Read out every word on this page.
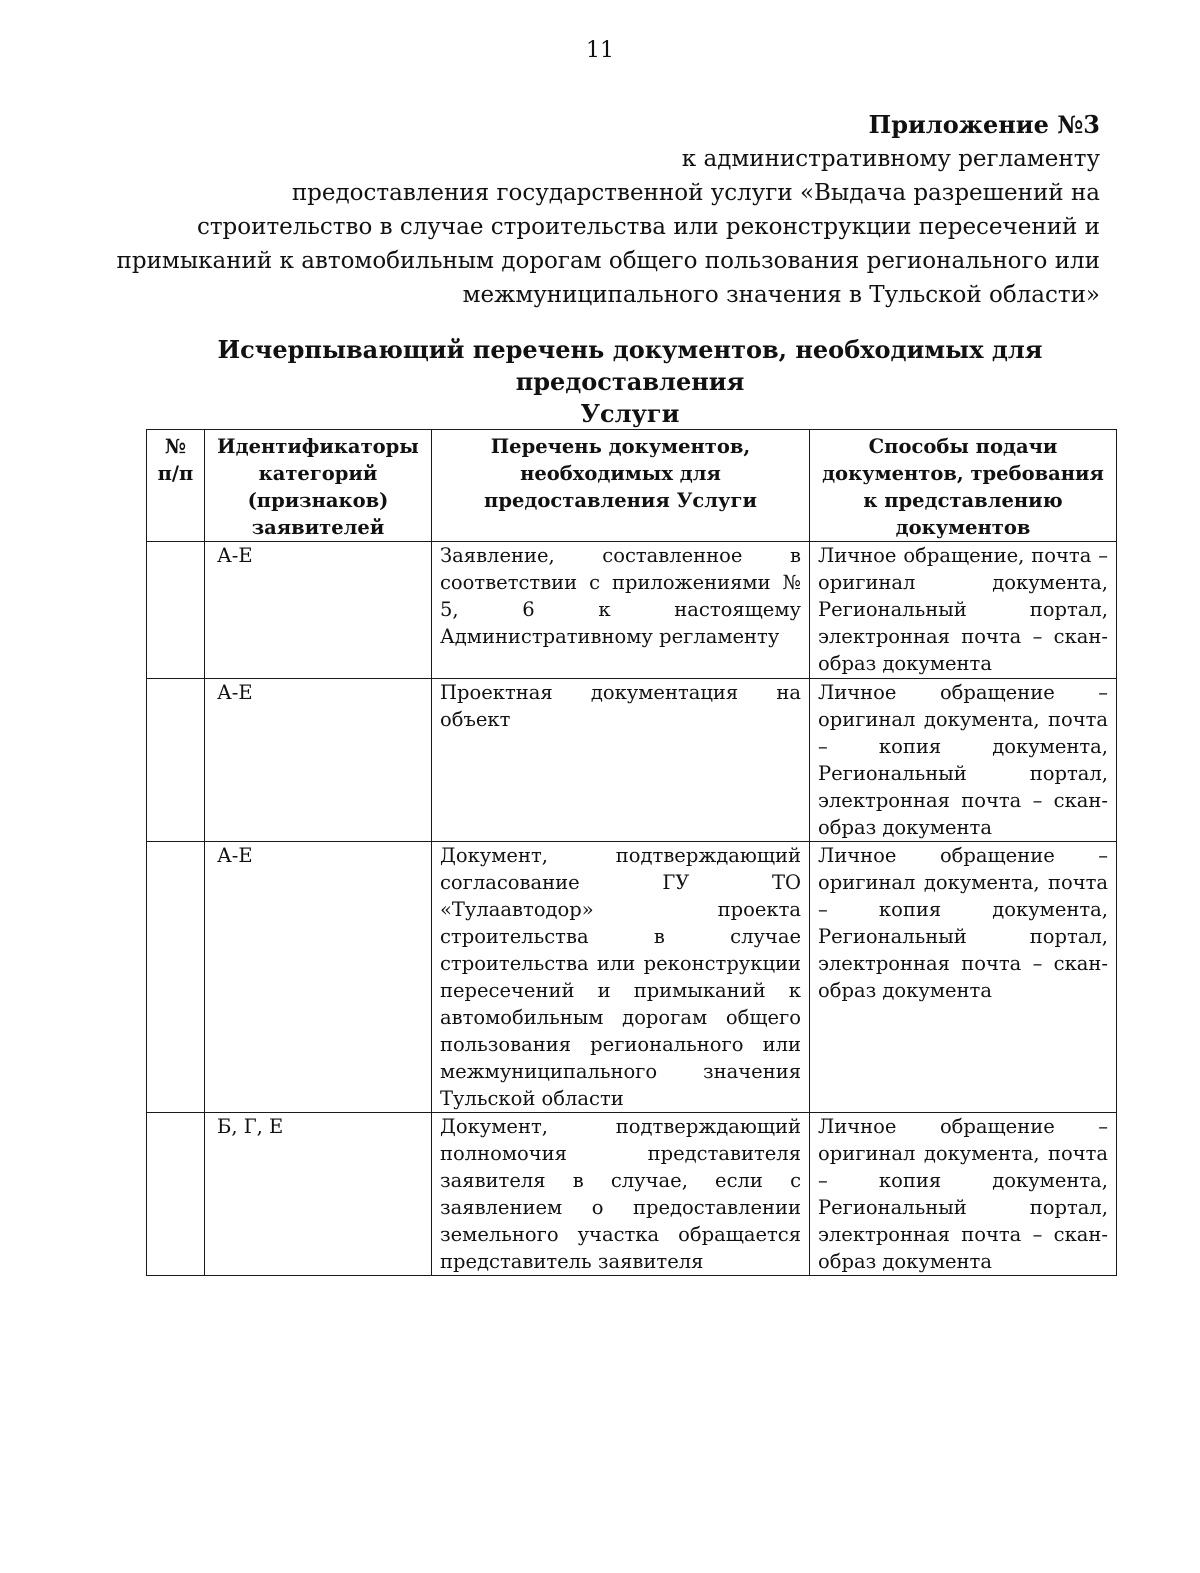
11
Приложение №3
к административному регламенту
предоставления государственной услуги «Выдача разрешений на
строительство в случае строительства или реконструкции пересечений и
примыканий к автомобильным дорогам общего пользования регионального или
межмуниципального значения в Тульской области»
Исчерпывающий перечень документов, необходимых для предоставления
Услуги
№ п/п	Идентификаторы категорий (признаков) заявителей	Перечень документов, необходимых для предоставления Услуги	Способы подачи документов, требования к представлению документов
	А-Е	Заявление, составленное в соответствии с приложениями № 5, 6 к настоящему Административному регламенту	Личное обращение, почта – оригинал документа, Региональный портал, электронная почта – скан-образ документа
	А-Е	Проектная документация на объект	Личное обращение – оригинал документа, почта – копия документа, Региональный портал, электронная почта – скан-образ документа
	А-Е	Документ, подтверждающий согласование ГУ ТО «Тулаавтодор» проекта строительства в случае строительства или реконструкции пересечений и примыканий к автомобильным дорогам общего пользования регионального или межмуниципального значения Тульской области	Личное обращение – оригинал документа, почта – копия документа, Региональный портал, электронная почта – скан-образ документа
	Б, Г, Е	Документ, подтверждающий полномочия представителя заявителя в случае, если с заявлением о предоставлении земельного участка обращается представитель заявителя	Личное обращение – оригинал документа, почта – копия документа, Региональный портал, электронная почта – скан-образ документа
